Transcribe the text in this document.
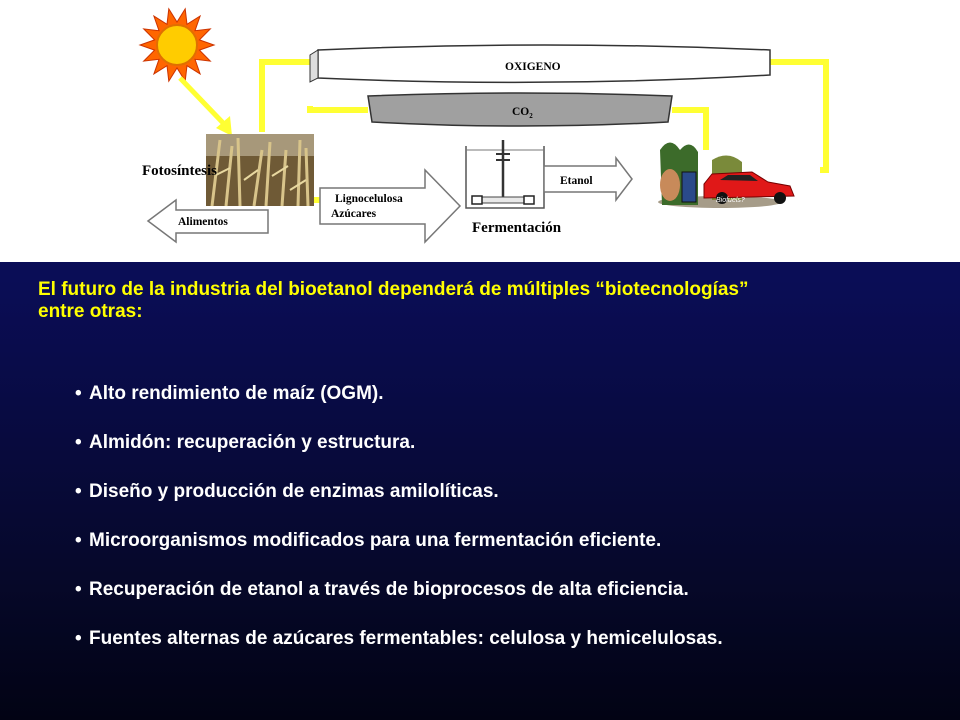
OXIGENO
$CO_2$
Fotosíntesis
Alimentos
Lignocelulosa
Azúcares
Fermentación
Etanol
Biofuels?
El futuro de la industria del bioetanol dependerá de múltiples “biotecnologías”
entre otras:
• Alto rendimiento de maíz (OGM).
• Almidón: recuperación y estructura.
• Diseño y producción de enzimas amilolíticas.
• Microorganismos modificados para una fermentación eficiente.
• Recuperación de etanol a través de bioprocesos de alta eficiencia.
• Fuentes alternas de azúcares fermentables: celulosa y hemicelulosas.
